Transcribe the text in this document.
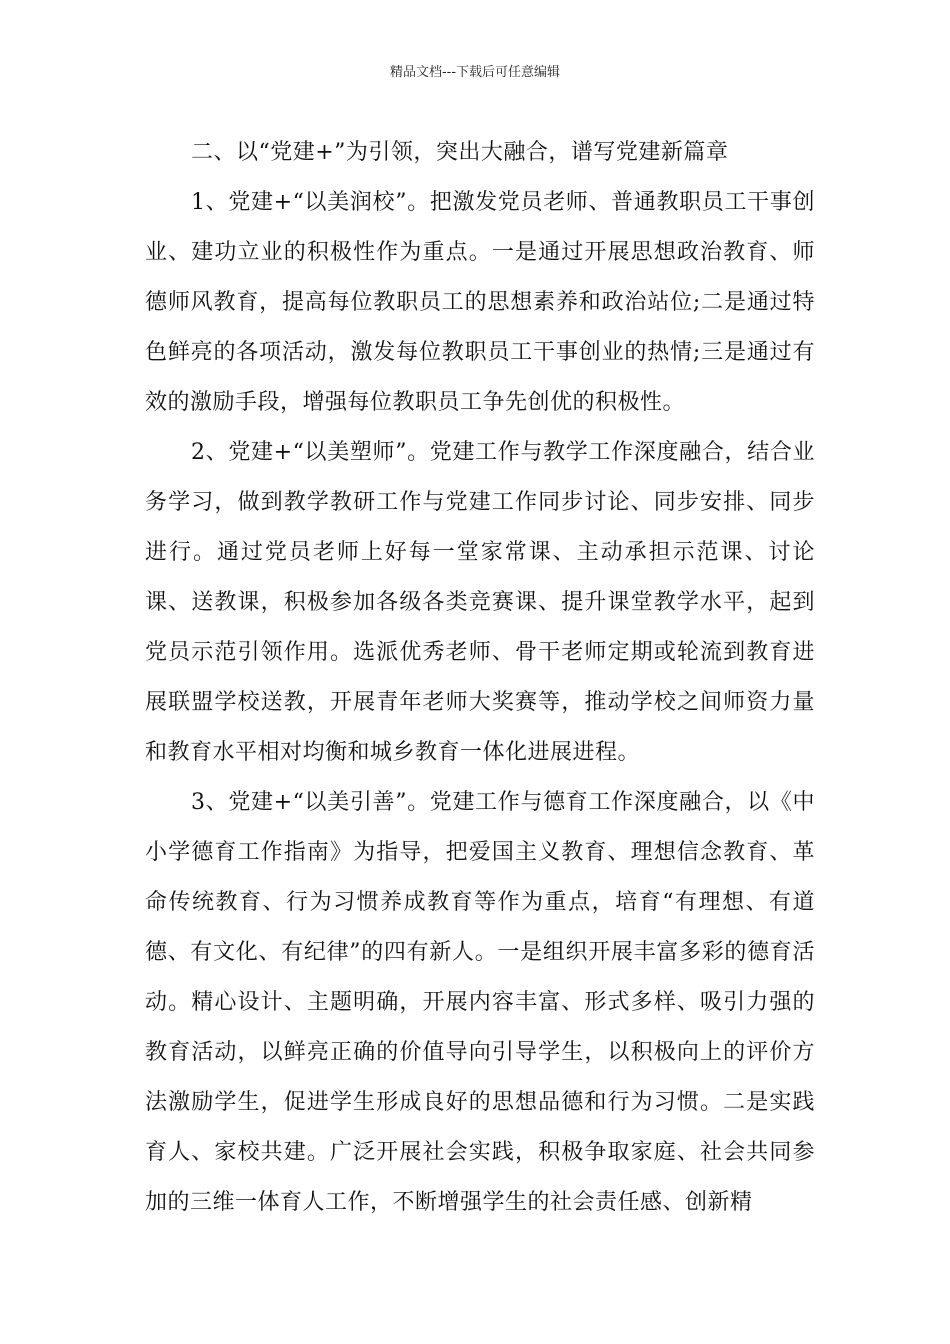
精品文档---下载后可任意编辑
二、以“党建+”为引领，突出大融合，谱写党建新篇章

1、党建+“以美润校”。把激发党员老师、普通教职员工干事创业、建功立业的积极性作为重点。一是通过开展思想政治教育、师德师风教育，提高每位教职员工的思想素养和政治站位;二是通过特色鲜亮的各项活动，激发每位教职员工干事创业的热情;三是通过有效的激励手段，增强每位教职员工争先创优的积极性。

2、党建+“以美塑师”。党建工作与教学工作深度融合，结合业务学习，做到教学教研工作与党建工作同步讨论、同步安排、同步进行。通过党员老师上好每一堂家常课、主动承担示范课、讨论课、送教课，积极参加各级各类竞赛课、提升课堂教学水平，起到党员示范引领作用。选派优秀老师、骨干老师定期或轮流到教育进展联盟学校送教，开展青年老师大奖赛等，推动学校之间师资力量和教育水平相对均衡和城乡教育一体化进展进程。

3、党建+“以美引善”。党建工作与德育工作深度融合，以《中小学德育工作指南》为指导，把爱国主义教育、理想信念教育、革命传统教育、行为习惯养成教育等作为重点，培育“有理想、有道德、有文化、有纪律”的四有新人。一是组织开展丰富多彩的德育活动。精心设计、主题明确，开展内容丰富、形式多样、吸引力强的教育活动，以鲜亮正确的价值导向引导学生，以积极向上的评价方法激励学生，促进学生形成良好的思想品德和行为习惯。二是实践育人、家校共建。广泛开展社会实践，积极争取家庭、社会共同参加的三维一体育人工作，不断增强学生的社会责任感、创新精
